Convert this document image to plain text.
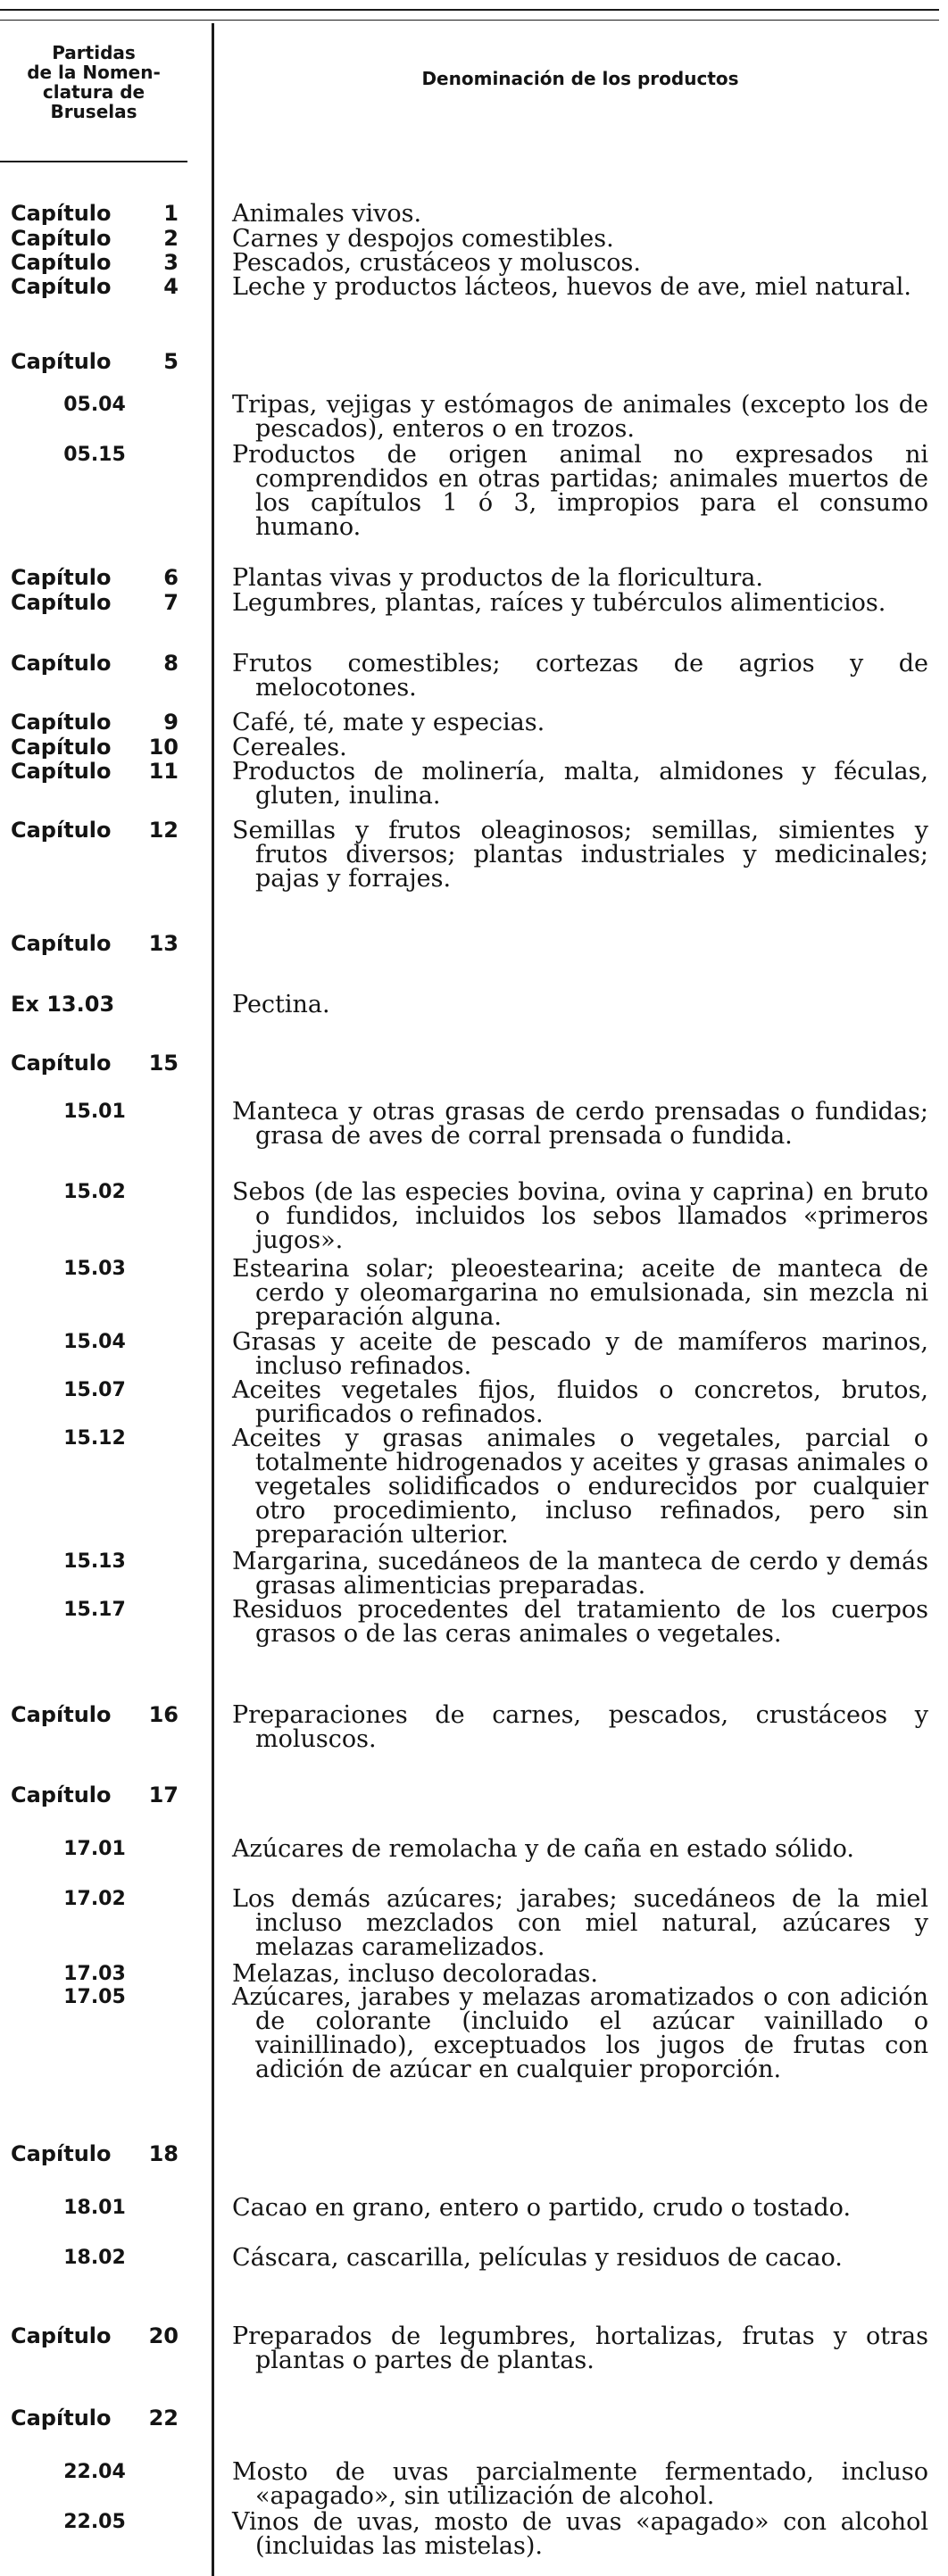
Partidas
de la Nomen-
clatura de
Bruselas
Denominación de los productos
Capítulo 1 Animales vivos.
Capítulo 2 Carnes y despojos comestibles.
Capítulo 3 Pescados, crustáceos y moluscos.
Capítulo 4 Leche y productos lácteos, huevos de ave, miel natural.
Capítulo 5
05.04	Tripas, vejigas y estómagos de animales (excepto los de pescados), enteros o en trozos.
05.15	Productos de origen animal no expresados ni comprendidos en otras partidas; animales muertos de los capítulos 1 ó 3, impropios para el consumo humano.
Capítulo 6 Plantas vivas y productos de la floricultura.
Capítulo 7 Legumbres, plantas, raíces y tubérculos alimenticios.
Capítulo 8 Frutos comestibles; cortezas de agrios y de melocotones.
Capítulo 9 Café, té, mate y especias.
Capítulo 10 Cereales.
Capítulo 11 Productos de molinería, malta, almidones y féculas, gluten, inulina.
Capítulo 12 Semillas y frutos oleaginosos; semillas, simientes y frutos diversos; plantas industriales y medicinales; pajas y forrajes.
Capítulo 13
Ex 13.03	Pectina.
Capítulo 15
15.01	Manteca y otras grasas de cerdo prensadas o fundidas; grasa de aves de corral prensada o fundida.
15.02	Sebos (de las especies bovina, ovina y caprina) en bruto o fundidos, incluidos los sebos llamados «primeros jugos».
15.03	Estearina solar; pleoestearina; aceite de manteca de cerdo y oleomargarina no emulsionada, sin mezcla ni preparación alguna.
15.04	Grasas y aceite de pescado y de mamíferos marinos, incluso refinados.
15.07	Aceites vegetales fijos, fluidos o concretos, brutos, purificados o refinados.
15.12	Aceites y grasas animales o vegetales, parcial o totalmente hidrogenados y aceites y grasas animales o vegetales solidificados o endurecidos por cualquier otro procedimiento, incluso refinados, pero sin preparación ulterior.
15.13	Margarina, sucedáneos de la manteca de cerdo y demás grasas alimenticias preparadas.
15.17	Residuos procedentes del tratamiento de los cuerpos grasos o de las ceras animales o vegetales.
Capítulo 16 Preparaciones de carnes, pescados, crustáceos y moluscos.
Capítulo 17
17.01	Azúcares de remolacha y de caña en estado sólido.
17.02	Los demás azúcares; jarabes; sucedáneos de la miel incluso mezclados con miel natural, azúcares y melazas caramelizados.
17.03	Melazas, incluso decoloradas.
17.05	Azúcares, jarabes y melazas aromatizados o con adición de colorante (incluido el azúcar vainillado o vainillinado), exceptuados los jugos de frutas con adición de azúcar en cualquier proporción.
Capítulo 18
18.01	Cacao en grano, entero o partido, crudo o tostado.
18.02	Cáscara, cascarilla, películas y residuos de cacao.
Capítulo 20 Preparados de legumbres, hortalizas, frutas y otras plantas o partes de plantas.
Capítulo 22
22.04	Mosto de uvas parcialmente fermentado, incluso «apagado», sin utilización de alcohol.
22.05	Vinos de uvas, mosto de uvas «apagado» con alcohol (incluidas las mistelas).
